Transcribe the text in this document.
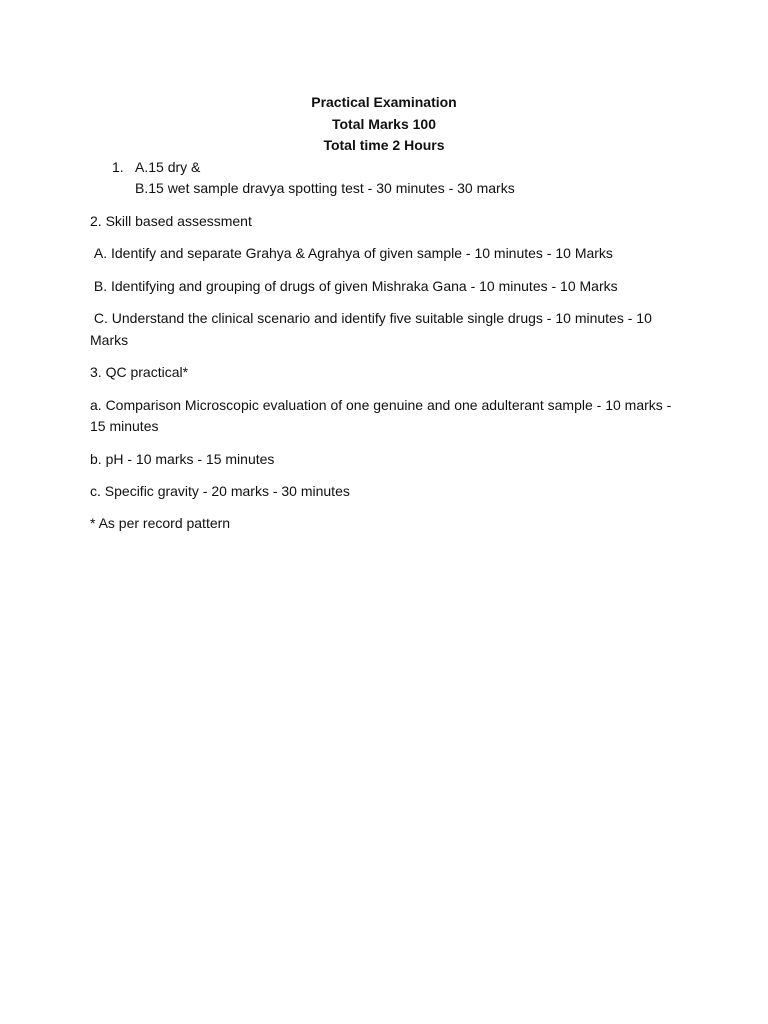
Practical Examination
Total Marks 100
Total time 2 Hours
1. A.15 dry &
B.15 wet sample dravya spotting test - 30 minutes - 30 marks

2. Skill based assessment

A. Identify and separate Grahya & Agrahya of given sample - 10 minutes - 10 Marks

B. Identifying and grouping of drugs of given Mishraka Gana - 10 minutes - 10 Marks

C. Understand the clinical scenario and identify five suitable single drugs - 10 minutes - 10 Marks

3. QC practical*

a. Comparison Microscopic evaluation of one genuine and one adulterant sample - 10 marks - 15 minutes

b. pH - 10 marks - 15 minutes

c. Specific gravity - 20 marks - 30 minutes

* As per record pattern
